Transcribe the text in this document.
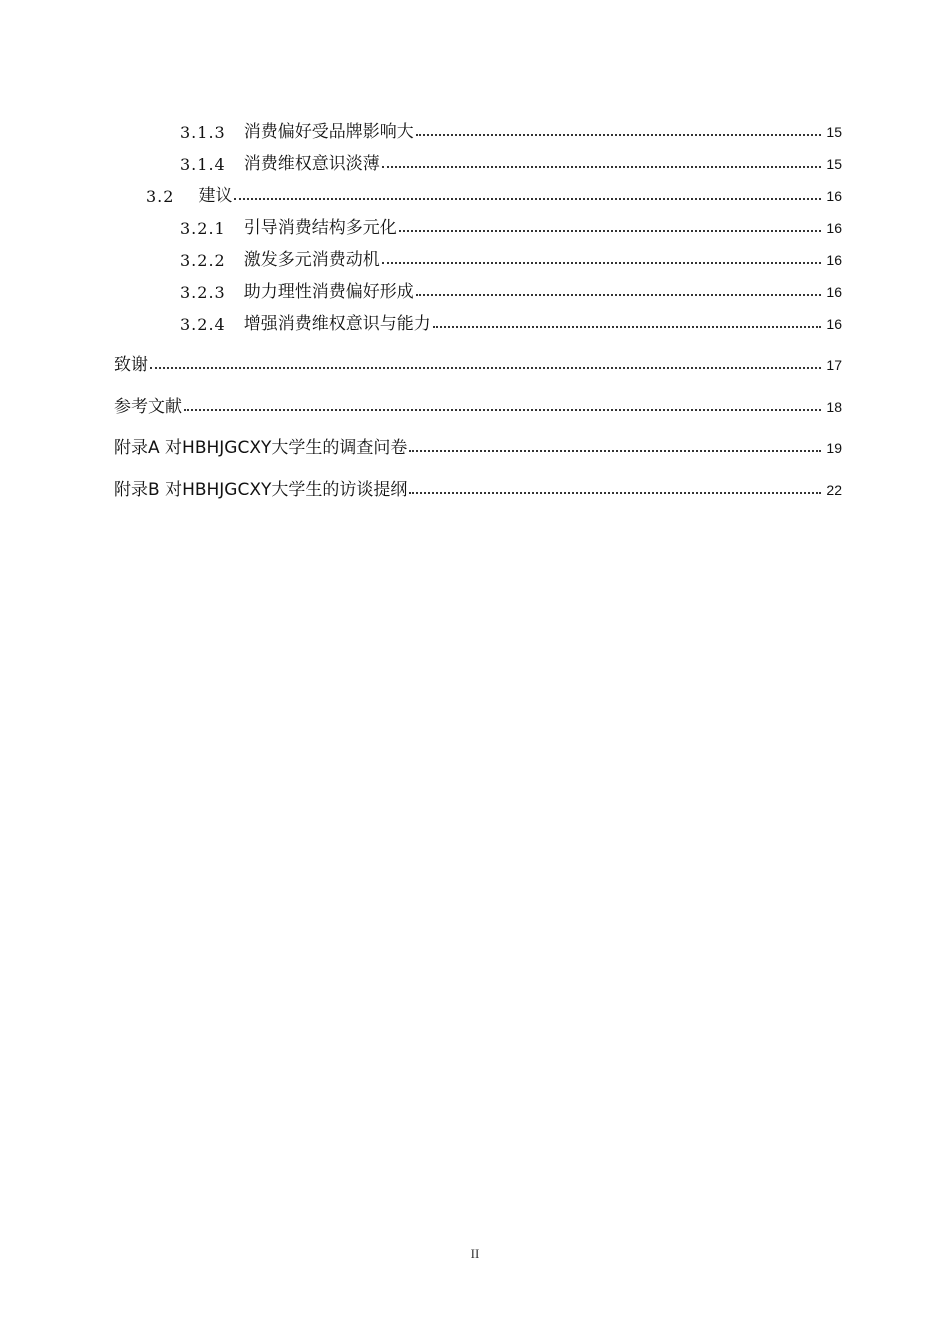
3.1.3 消费偏好受品牌影响大	15
3.1.4 消费维权意识淡薄	15
3.2 建议	16
3.2.1 引导消费结构多元化	16
3.2.2 激发多元消费动机	16
3.2.3 助力理性消费偏好形成	16
3.2.4 增强消费维权意识与能力	16
致谢	17
参考文献	18
附录A 对HBHJGCXY大学生的调查问卷	19
附录B 对HBHJGCXY大学生的访谈提纲	22
II
